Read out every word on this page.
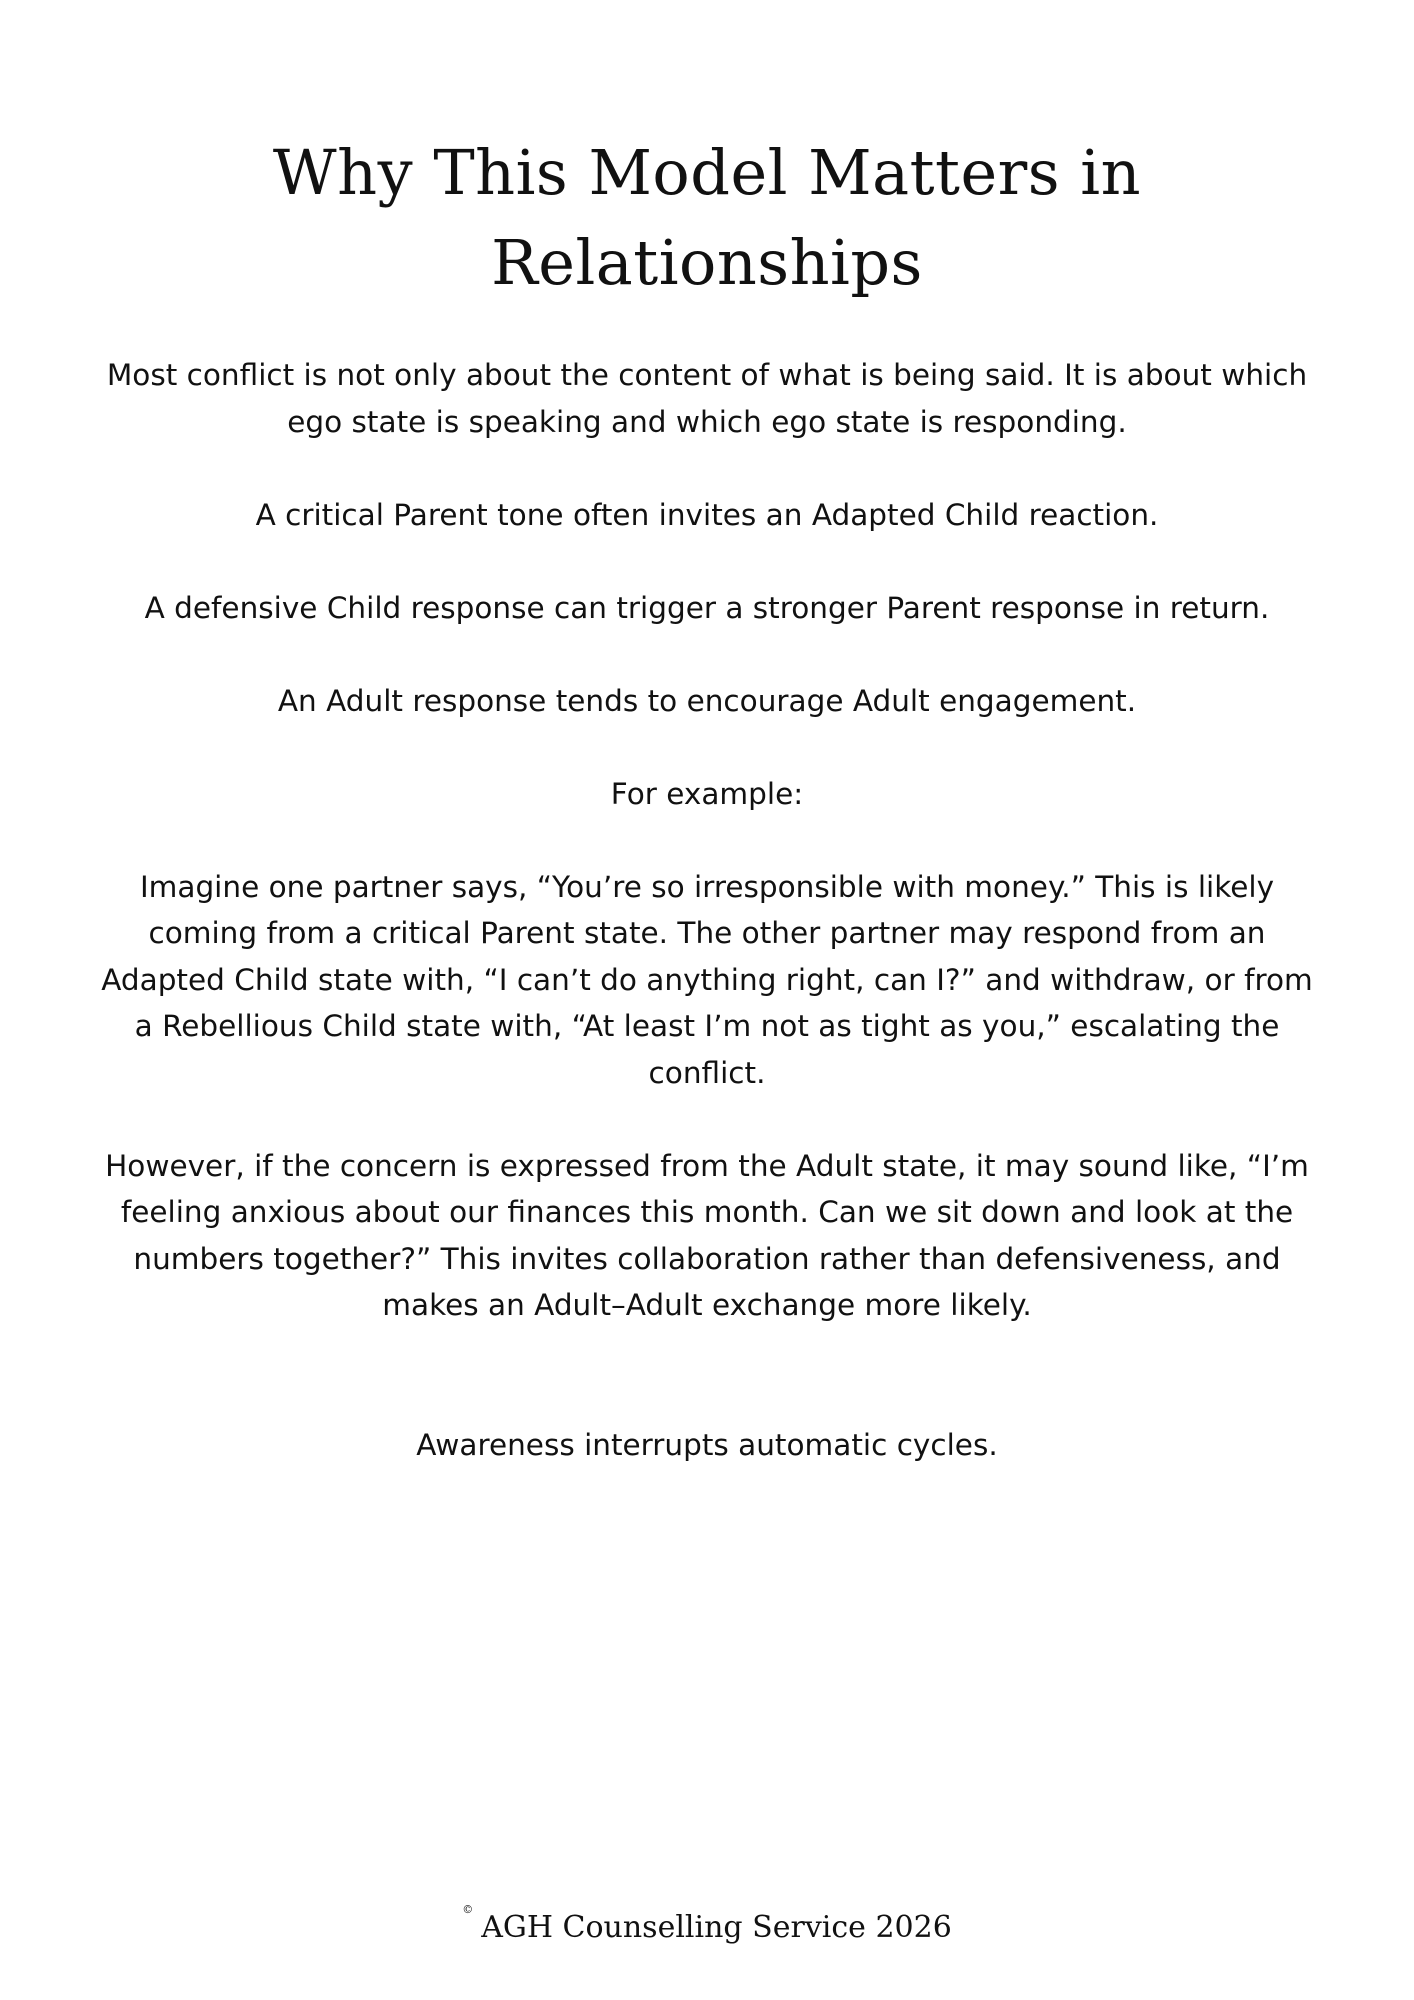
Why This Model Matters in Relationships

Most conflict is not only about the content of what is being said. It is about which ego state is speaking and which ego state is responding.

A critical Parent tone often invites an Adapted Child reaction.

A defensive Child response can trigger a stronger Parent response in return.

An Adult response tends to encourage Adult engagement.

For example:

Imagine one partner says, “You’re so irresponsible with money.” This is likely coming from a critical Parent state. The other partner may respond from an Adapted Child state with, “I can’t do anything right, can I?” and withdraw, or from a Rebellious Child state with, “At least I’m not as tight as you,” escalating the conflict.

However, if the concern is expressed from the Adult state, it may sound like, “I’m feeling anxious about our finances this month. Can we sit down and look at the numbers together?” This invites collaboration rather than defensiveness, and makes an Adult–Adult exchange more likely.

Awareness interrupts automatic cycles.

©AGH Counselling Service 2026
